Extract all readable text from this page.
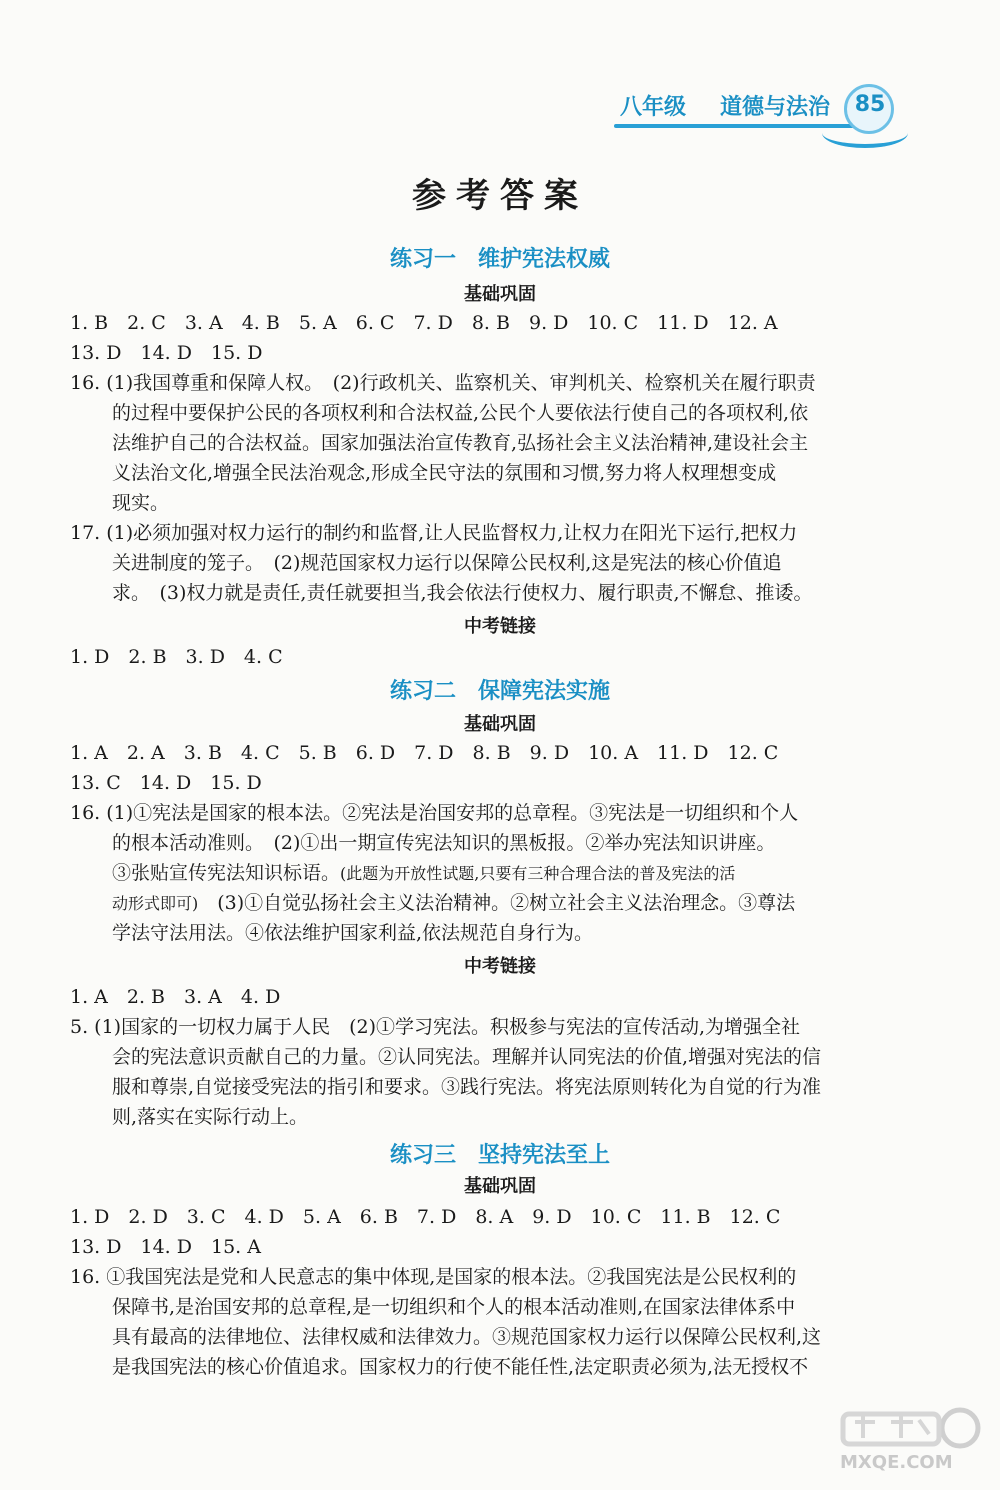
八年级 道德与法治	85
参考答案
练习一　维护宪法权威
基础巩固
1. B　2. C　3. A　4. B　5. A　6. C　7. D　8. B　9. D　10. C　11. D　12. A
13. D　14. D　15. D
16. (1)我国尊重和保障人权。　(2)行政机关、监察机关、审判机关、检察机关在履行职责
的过程中要保护公民的各项权利和合法权益,公民个人要依法行使自己的各项权利,依
法维护自己的合法权益。国家加强法治宣传教育,弘扬社会主义法治精神,建设社会主
义法治文化,增强全民法治观念,形成全民守法的氛围和习惯,努力将人权理想变成
现实。
17. (1)必须加强对权力运行的制约和监督,让人民监督权力,让权力在阳光下运行,把权力
关进制度的笼子。　(2)规范国家权力运行以保障公民权利,这是宪法的核心价值追
求。　(3)权力就是责任,责任就要担当,我会依法行使权力、履行职责,不懈怠、推诿。
中考链接
1. D　2. B　3. D　4. C
练习二　保障宪法实施
基础巩固
1. A　2. A　3. B　4. C　5. B　6. D　7. D　8. B　9. D　10. A　11. D　12. C
13. C　14. D　15. D
16. (1)①宪法是国家的根本法。②宪法是治国安邦的总章程。③宪法是一切组织和个人
的根本活动准则。　(2)①出一期宣传宪法知识的黑板报。②举办宪法知识讲座。
③张贴宣传宪法知识标语。(此题为开放性试题,只要有三种合理合法的普及宪法的活
动形式即可)　(3)①自觉弘扬社会主义法治精神。②树立社会主义法治理念。③尊法
学法守法用法。④依法维护国家利益,依法规范自身行为。
中考链接
1. A　2. B　3. A　4. D
5. (1)国家的一切权力属于人民　(2)①学习宪法。积极参与宪法的宣传活动,为增强全社
会的宪法意识贡献自己的力量。②认同宪法。理解并认同宪法的价值,增强对宪法的信
服和尊崇,自觉接受宪法的指引和要求。③践行宪法。将宪法原则转化为自觉的行为准
则,落实在实际行动上。
练习三　坚持宪法至上
基础巩固
1. D　2. D　3. C　4. D　5. A　6. B　7. D　8. A　9. D　10. C　11. B　12. C
13. D　14. D　15. A
16. ①我国宪法是党和人民意志的集中体现,是国家的根本法。②我国宪法是公民权利的
保障书,是治国安邦的总章程,是一切组织和个人的根本活动准则,在国家法律体系中
具有最高的法律地位、法律权威和法律效力。③规范国家权力运行以保障公民权利,这
是我国宪法的核心价值追求。国家权力的行使不能任性,法定职责必须为,法无授权不
MXQE.COM
